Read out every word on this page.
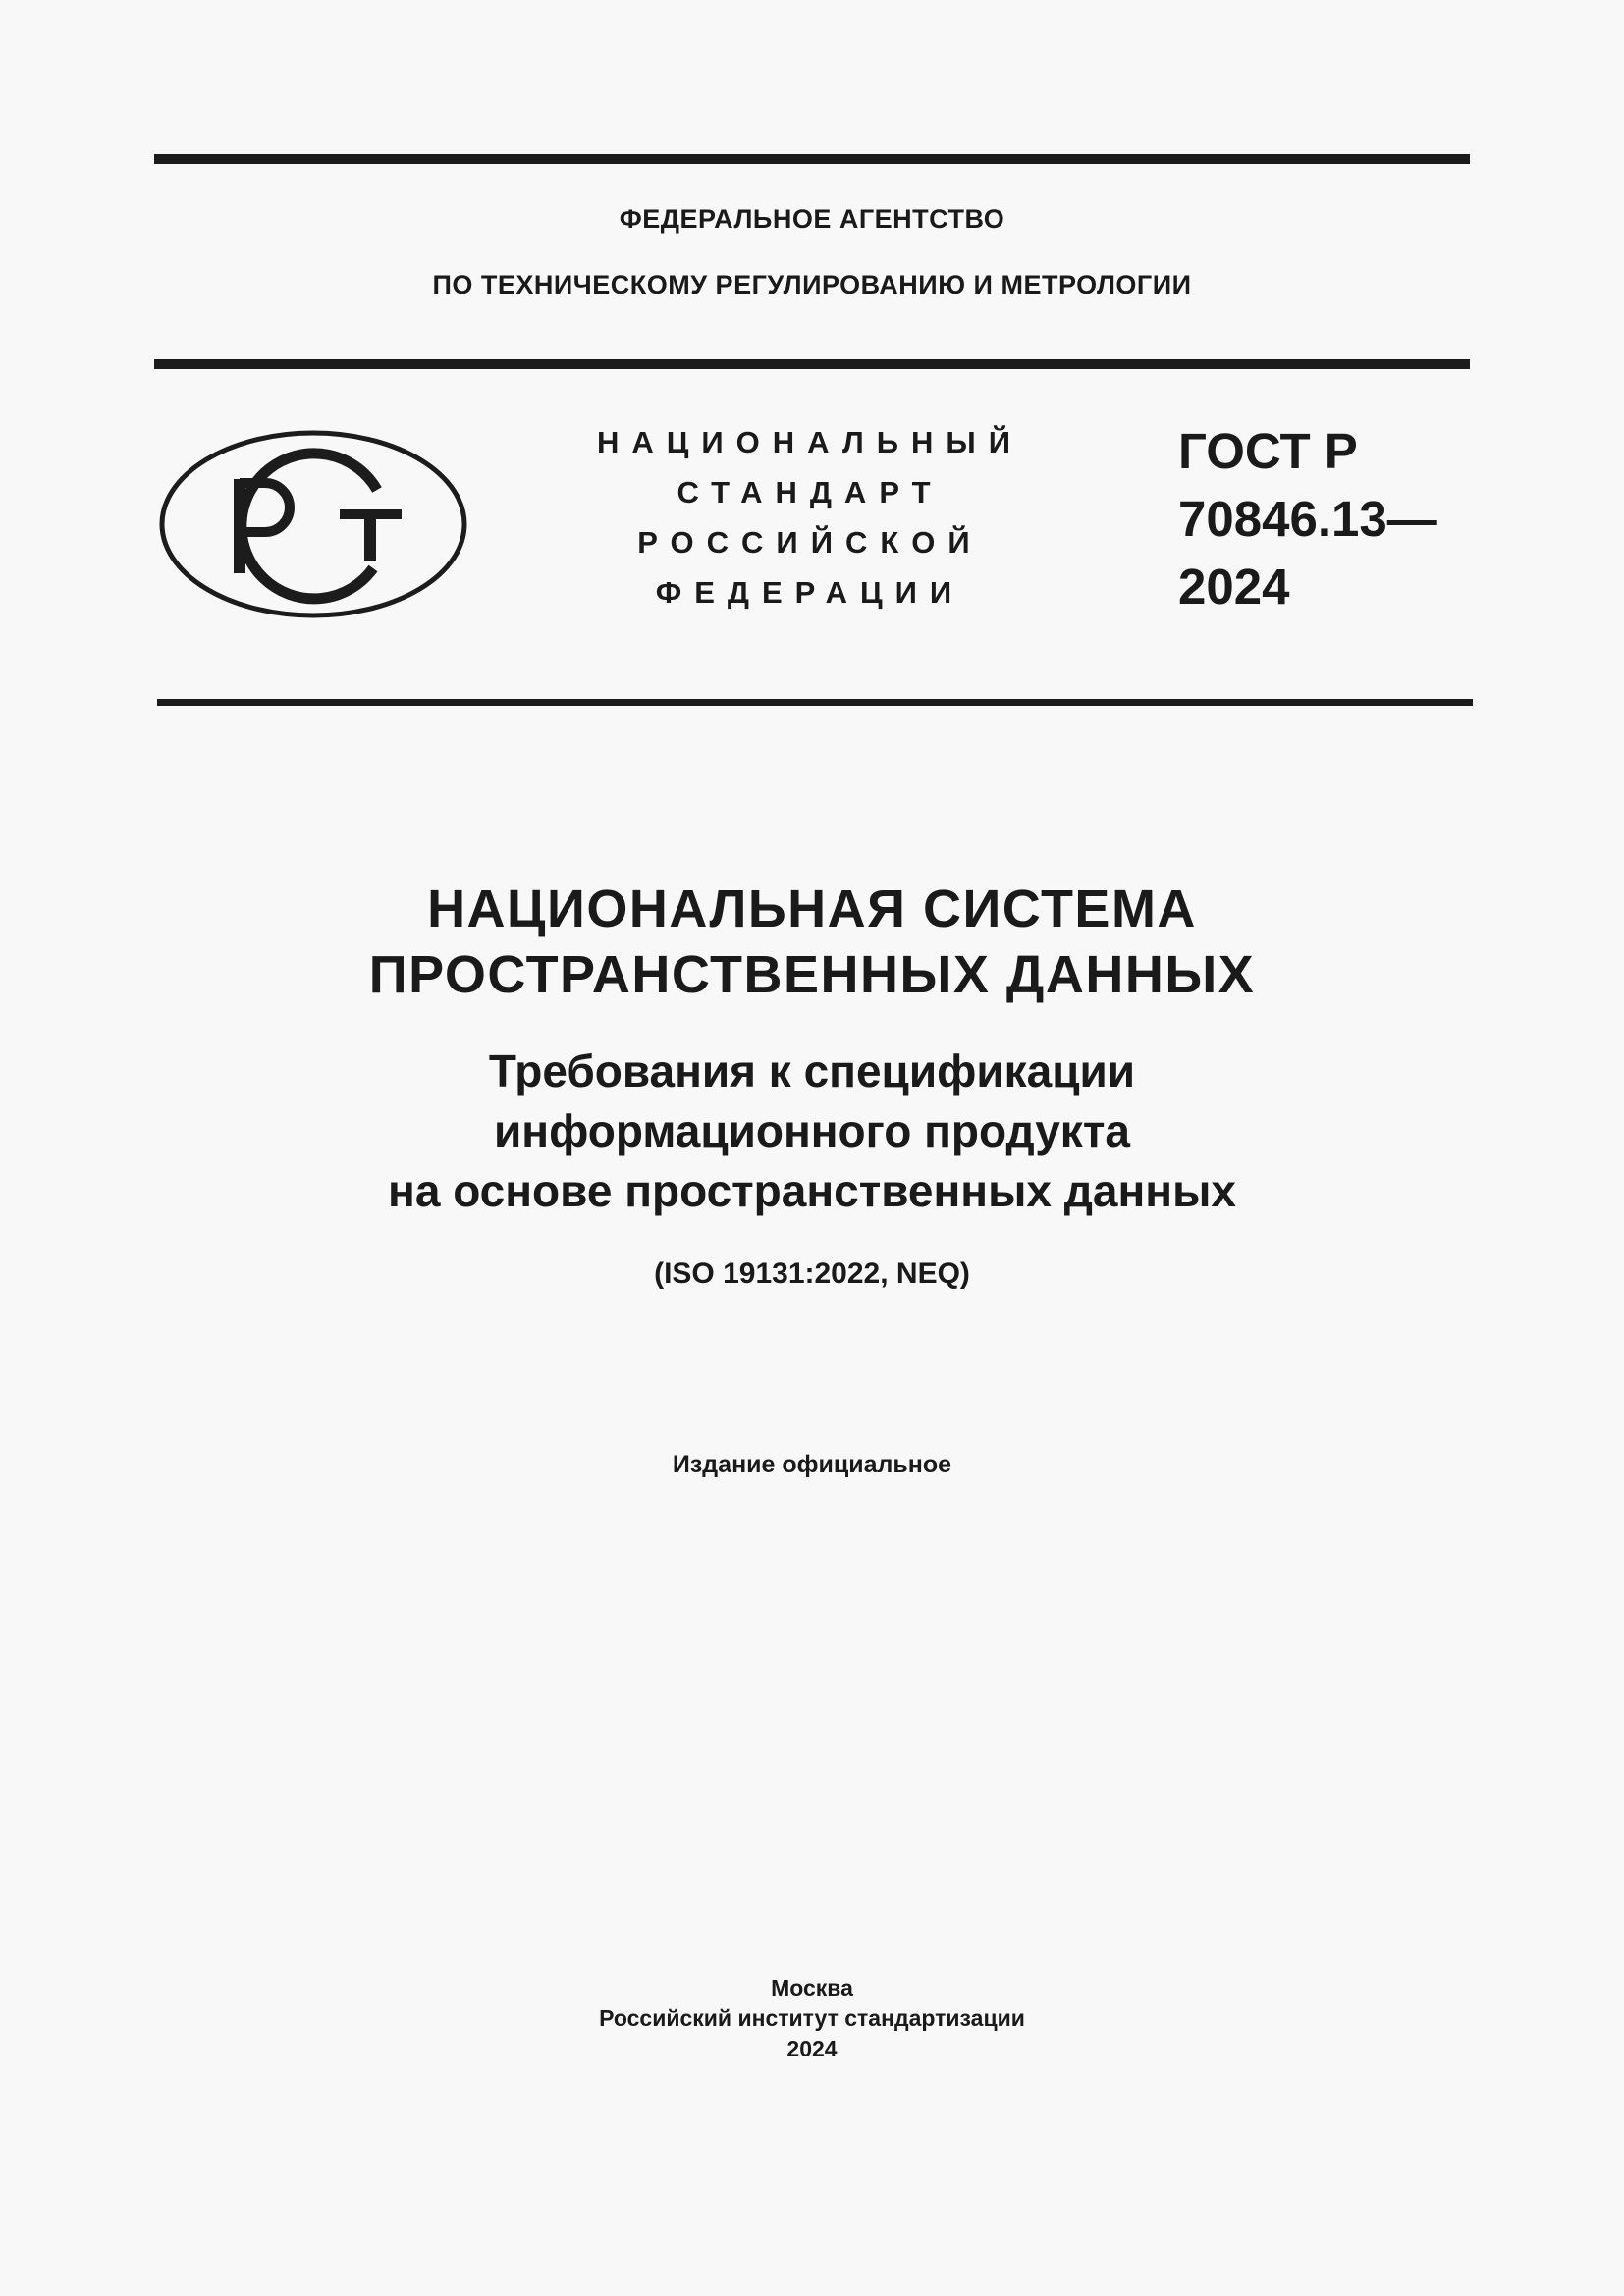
ФЕДЕРАЛЬНОЕ АГЕНТСТВО
ПО ТЕХНИЧЕСКОМУ РЕГУЛИРОВАНИЮ И МЕТРОЛОГИИ
НАЦИОНАЛЬНЫЙ
СТАНДАРТ
РОССИЙСКОЙ
ФЕДЕРАЦИИ
ГОСТ Р
70846.13—
2024
НАЦИОНАЛЬНАЯ СИСТЕМА
ПРОСТРАНСТВЕННЫХ ДАННЫХ
Требования к спецификации
информационного продукта
на основе пространственных данных
(ISO 19131:2022, NEQ)
Издание официальное
Москва
Российский институт стандартизации
2024
